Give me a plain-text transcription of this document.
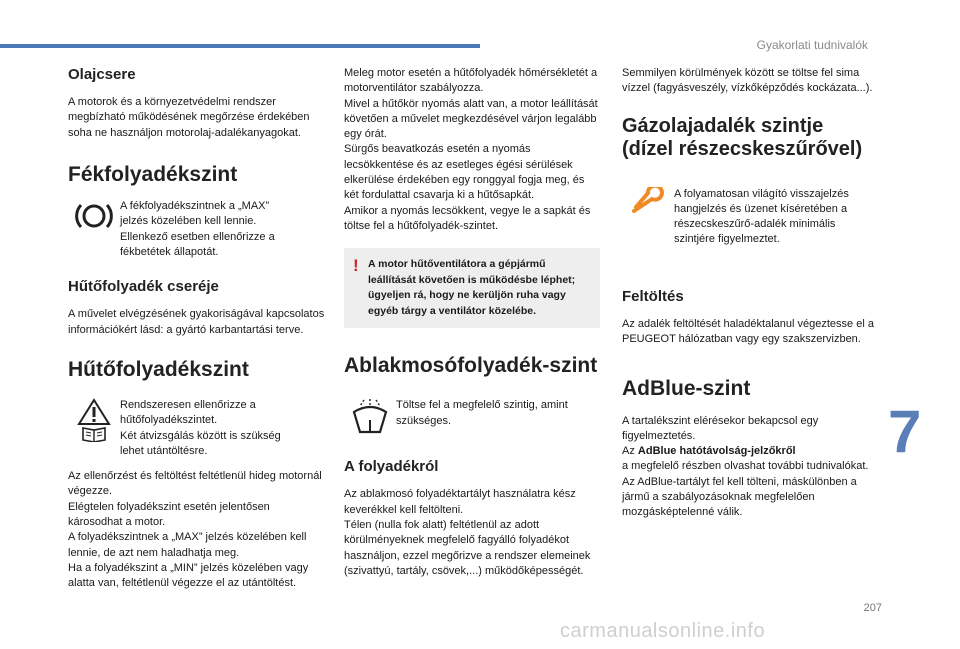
Gyakorlati tudnivalók
Olajcsere

A motorok és a környezetvédelmi rendszer megbízható működésének megőrzése érdekében soha ne használjon motorolaj-adalékanyagokat.

Fékfolyadékszint

A fékfolyadékszintnek a „MAX” jelzés közelében kell lennie. Ellenkező esetben ellenőrizze a fékbetétek állapotát.

Hűtőfolyadék cseréje

A művelet elvégzésének gyakoriságával kapcsolatos információkért lásd: a gyártó karbantartási terve.

Hűtőfolyadékszint

Rendszeresen ellenőrizze a hűtőfolyadékszintet.
Két átvizsgálás között is szükség lehet utántöltésre.

Az ellenőrzést és feltöltést feltétlenül hideg motornál végezze.
Elégtelen folyadékszint esetén jelentősen károsodhat a motor.
A folyadékszintnek a „MAX” jelzés közelében kell lennie, de azt nem haladhatja meg.
Ha a folyadékszint a „MIN” jelzés közelében vagy alatta van, feltétlenül végezze el az utántöltést.

Meleg motor esetén a hűtőfolyadék hőmérsékletét a motorventilátor szabályozza.
Mivel a hűtőkör nyomás alatt van, a motor leállítását követően a művelet megkezdésével várjon legalább egy órát.
Sürgős beavatkozás esetén a nyomás lecsökkentése és az esetleges égési sérülések elkerülése érdekében egy ronggyal fogja meg, és két fordulattal csavarja ki a hűtősapkát.
Amikor a nyomás lecsökkent, vegye le a sapkát és töltse fel a hűtőfolyadék-szintet.

! A motor hűtőventilátora a gépjármű leállítását követően is működésbe léphet; ügyeljen rá, hogy ne kerüljön ruha vagy egyéb tárgy a ventilátor közelébe.

Ablakmosófolyadék-szint

Töltse fel a megfelelő szintig, amint szükséges.

A folyadékról

Az ablakmosó folyadéktartályt használatra kész keverékkel kell feltölteni.
Télen (nulla fok alatt) feltétlenül az adott körülményeknek megfelelő fagyálló folyadékot használjon, ezzel megőrizve a rendszer elemeinek (szivattyú, tartály, csövek,...) működőképességét.

Semmilyen körülmények között se töltse fel sima vízzel (fagyásveszély, vízkőképződés kockázata...).

Gázolajadalék szintje (dízel részecskeszűrővel)

A folyamatosan világító visszajelzés hangjelzés és üzenet kíséretében a részecskeszűrő-adalék minimális szintjére figyelmeztet.

Feltöltés

Az adalék feltöltését haladéktalanul végeztesse el a PEUGEOT hálózatban vagy egy szakszervizben.

AdBlue-szint

A tartalékszint elérésekor bekapcsol egy figyelmeztetés.

Az AdBlue hatótávolság-jelzőkről

a megfelelő részben olvashat további tudnivalókat.
Az AdBlue-tartályt fel kell tölteni, máskülönben a jármű a szabályozásoknak megfelelően mozgásképtelenné válik.

7
207
carmanualsonline.info
